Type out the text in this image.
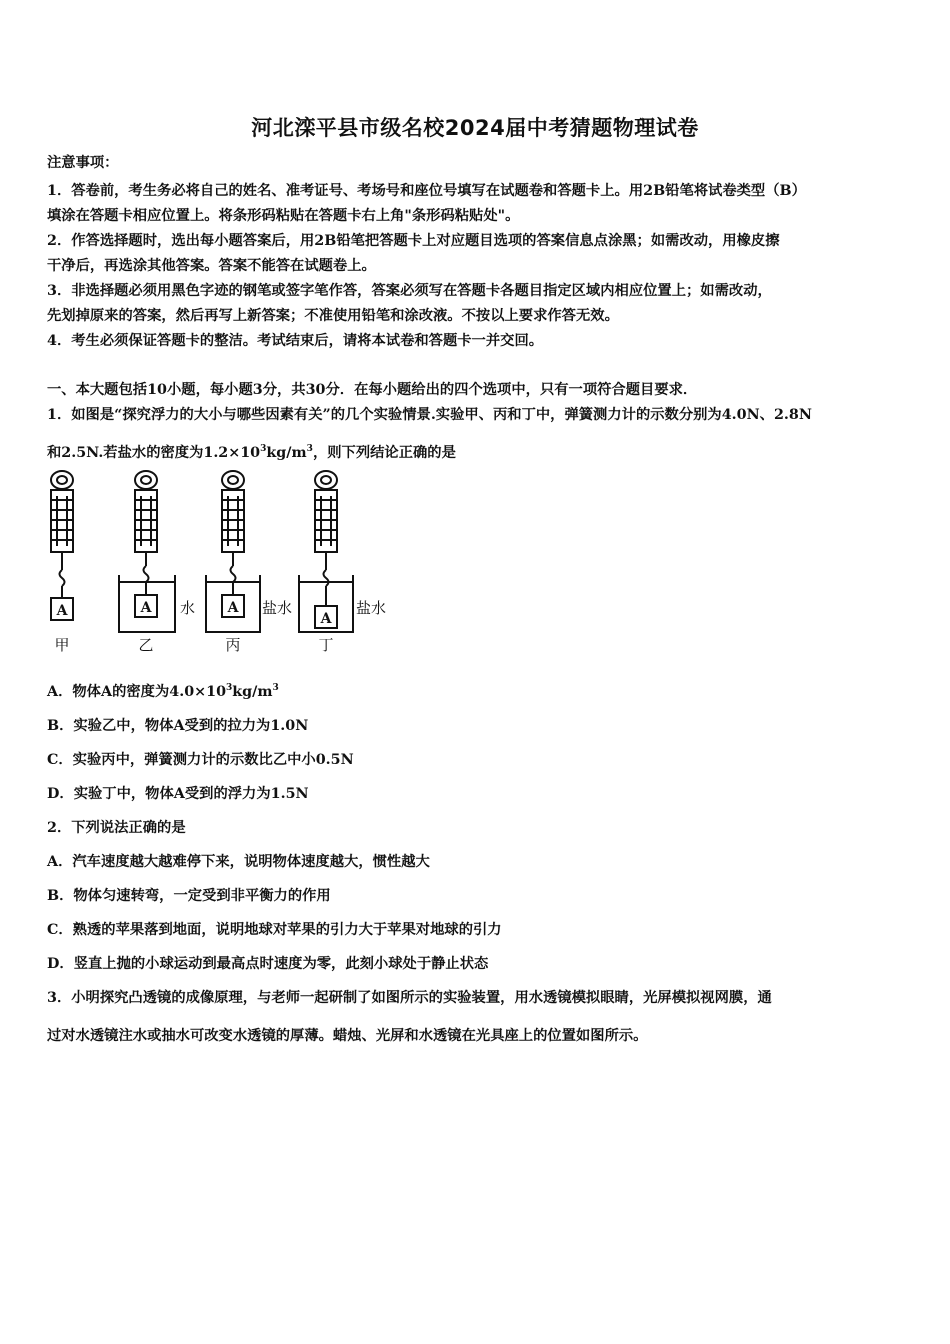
河北滦平县市级名校2024届中考猜题物理试卷
注意事项：
1．答卷前，考生务必将自己的姓名、准考证号、考场号和座位号填写在试题卷和答题卡上。用2B铅笔将试卷类型（B）
填涂在答题卡相应位置上。将条形码粘贴在答题卡右上角"条形码粘贴处"。
2．作答选择题时，选出每小题答案后，用2B铅笔把答题卡上对应题目选项的答案信息点涂黑；如需改动，用橡皮擦
干净后，再选涂其他答案。答案不能答在试题卷上。
3．非选择题必须用黑色字迹的钢笔或签字笔作答，答案必须写在答题卡各题目指定区域内相应位置上；如需改动，
先划掉原来的答案，然后再写上新答案；不准使用铅笔和涂改液。不按以上要求作答无效。
4．考生必须保证答题卡的整洁。考试结束后，请将本试卷和答题卡一并交回。
一、本大题包括10小题，每小题3分，共30分．在每小题给出的四个选项中，只有一项符合题目要求．
1．如图是“探究浮力的大小与哪些因素有关”的几个实验情景.实验甲、丙和丁中，弹簧测力计的示数分别为4.0N、2.8N
和2.5N.若盐水的密度为$1.2\times 10^3kg/m^3$，则下列结论正确的是
A	A	A
A
水	盐水	盐水
甲	乙	丙	丁
A．物体A的密度为$4.0\times 10^3kg/m^3$
B．实验乙中，物体A受到的拉力为1.0N
C．实验丙中，弹簧测力计的示数比乙中小0.5N
D．实验丁中，物体A受到的浮力为1.5N
2．下列说法正确的是
A．汽车速度越大越难停下来，说明物体速度越大，惯性越大
B．物体匀速转弯，一定受到非平衡力的作用
C．熟透的苹果落到地面，说明地球对苹果的引力大于苹果对地球的引力
D．竖直上抛的小球运动到最高点时速度为零，此刻小球处于静止状态
3．小明探究凸透镜的成像原理，与老师一起研制了如图所示的实验装置，用水透镜模拟眼睛，光屏模拟视网膜，通
过对水透镜注水或抽水可改变水透镜的厚薄。蜡烛、光屏和水透镜在光具座上的位置如图所示。
